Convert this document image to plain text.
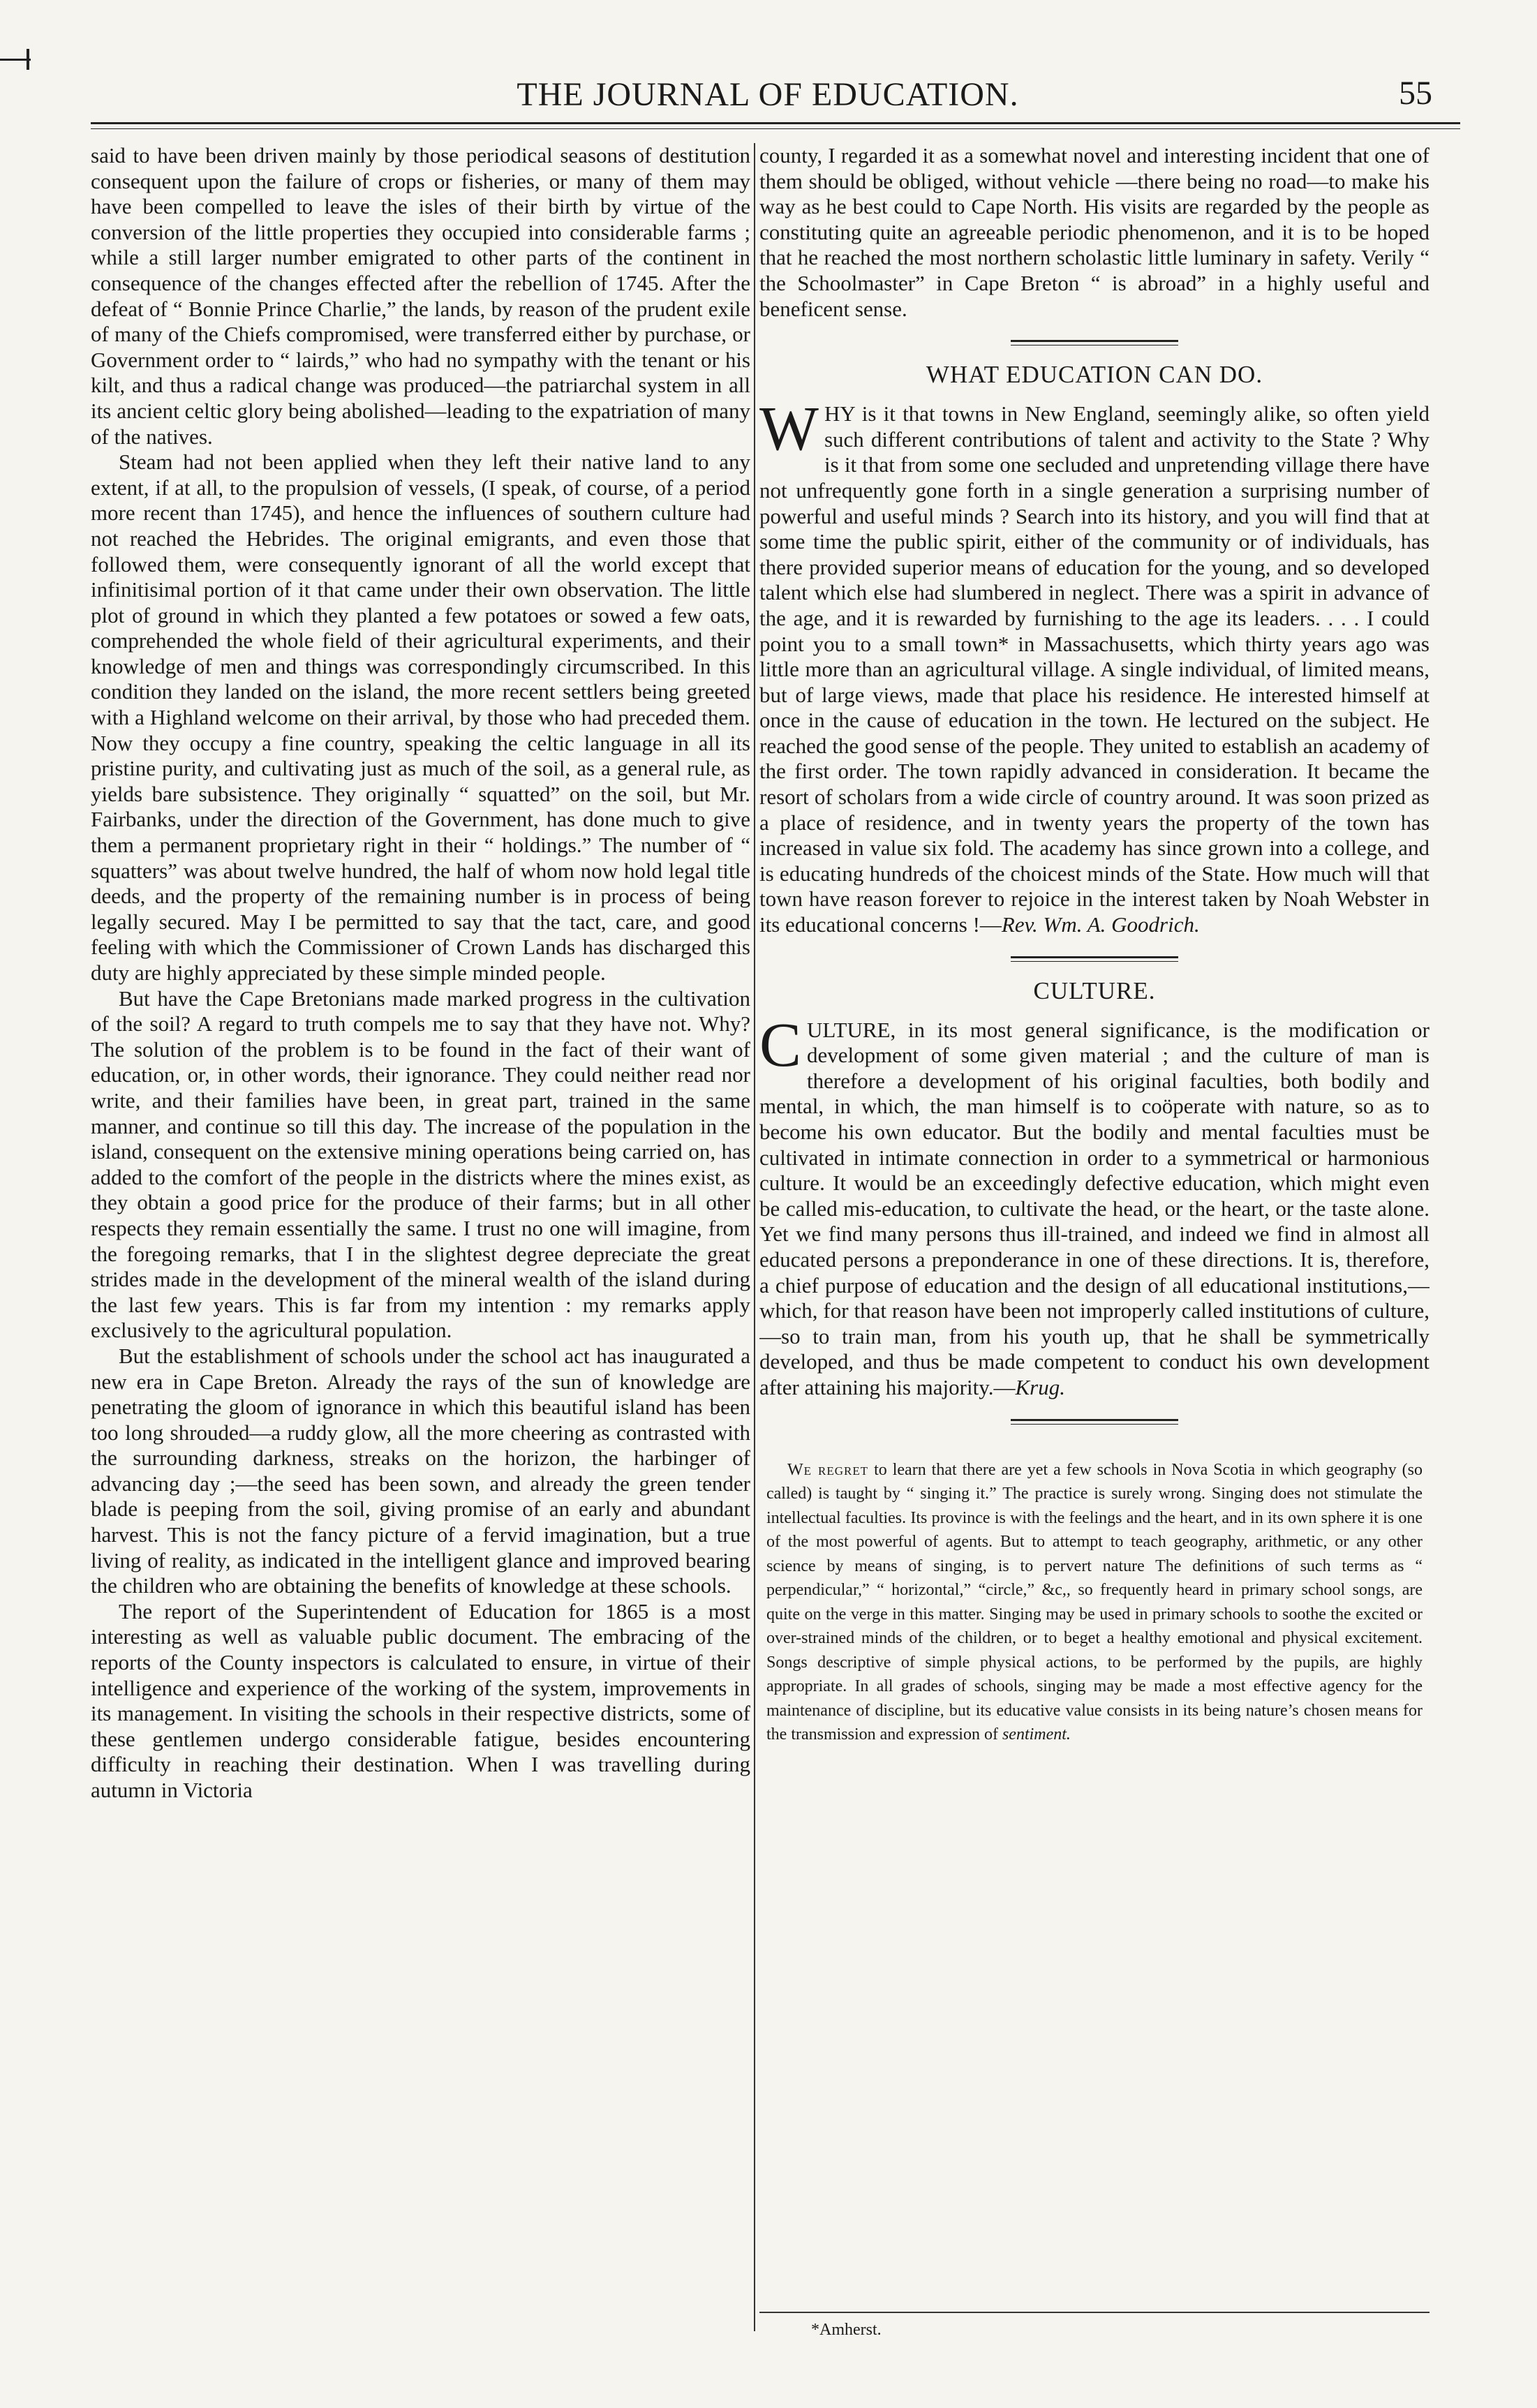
THE JOURNAL OF EDUCATION.	55

said to have been driven mainly by those periodical seasons of destitution consequent upon the failure of crops or fisheries, or many of them may have been compelled to leave the isles of their birth by virtue of the conversion of the little properties they occupied into considerable farms ; while a still larger number emigrated to other parts of the continent in consequence of the changes effected after the rebellion of 1745. After the defeat of “ Bonnie Prince Charlie,” the lands, by reason of the prudent exile of many of the Chiefs compromised, were transferred either by purchase, or Government order to “ lairds,” who had no sympathy with the tenant or his kilt, and thus a radical change was produced—the patriarchal system in all its ancient celtic glory being abolished—leading to the expatriation of many of the natives.

Steam had not been applied when they left their native land to any extent, if at all, to the propulsion of vessels, (I speak, of course, of a period more recent than 1745), and hence the influences of southern culture had not reached the Hebrides. The original emigrants, and even those that followed them, were consequently ignorant of all the world except that infinitisimal portion of it that came under their own observation. The little plot of ground in which they planted a few potatoes or sowed a few oats, comprehended the whole field of their agricultural experiments, and their knowledge of men and things was correspondingly circumscribed. In this condition they landed on the island, the more recent settlers being greeted with a Highland welcome on their arrival, by those who had preceded them. Now they occupy a fine country, speaking the celtic language in all its pristine purity, and cultivating just as much of the soil, as a general rule, as yields bare subsistence. They originally “ squatted” on the soil, but Mr. Fairbanks, under the direction of the Government, has done much to give them a permanent proprietary right in their “ holdings.” The number of “ squatters” was about twelve hundred, the half of whom now hold legal title deeds, and the property of the remaining number is in process of being legally secured. May I be permitted to say that the tact, care, and good feeling with which the Commissioner of Crown Lands has discharged this duty are highly appreciated by these simple minded people.

But have the Cape Bretonians made marked progress in the cultivation of the soil? A regard to truth compels me to say that they have not. Why? The solution of the problem is to be found in the fact of their want of education, or, in other words, their ignorance. They could neither read nor write, and their families have been, in great part, trained in the same manner, and continue so till this day. The increase of the population in the island, consequent on the extensive mining operations being carried on, has added to the comfort of the people in the districts where the mines exist, as they obtain a good price for the produce of their farms; but in all other respects they remain essentially the same. I trust no one will imagine, from the foregoing remarks, that I in the slightest degree depreciate the great strides made in the development of the mineral wealth of the island during the last few years. This is far from my intention : my remarks apply exclusively to the agricultural population.

But the establishment of schools under the school act has inaugurated a new era in Cape Breton. Already the rays of the sun of knowledge are penetrating the gloom of ignorance in which this beautiful island has been too long shrouded—a ruddy glow, all the more cheering as contrasted with the surrounding darkness, streaks on the horizon, the harbinger of advancing day ;—the seed has been sown, and already the green tender blade is peeping from the soil, giving promise of an early and abundant harvest. This is not the fancy picture of a fervid imagination, but a true living of reality, as indicated in the intelligent glance and improved bearing the children who are obtaining the benefits of knowledge at these schools.

The report of the Superintendent of Education for 1865 is a most interesting as well as valuable public document. The embracing of the reports of the County inspectors is calculated to ensure, in virtue of their intelligence and experience of the working of the system, improvements in its management. In visiting the schools in their respective districts, some of these gentlemen undergo considerable fatigue, besides encountering difficulty in reaching their destination. When I was travelling during autumn in Victoria

county, I regarded it as a somewhat novel and interesting incident that one of them should be obliged, without vehicle —there being no road—to make his way as he best could to Cape North. His visits are regarded by the people as constituting quite an agreeable periodic phenomenon, and it is to be hoped that he reached the most northern scholastic little luminary in safety. Verily “ the Schoolmaster” in Cape Breton “ is abroad” in a highly useful and beneficent sense.

WHAT EDUCATION CAN DO.

WHY is it that towns in New England, seemingly alike, so often yield such different contributions of talent and activity to the State ? Why is it that from some one secluded and unpretending village there have not unfrequently gone forth in a single generation a surprising number of powerful and useful minds ? Search into its history, and you will find that at some time the public spirit, either of the community or of individuals, has there provided superior means of education for the young, and so developed talent which else had slumbered in neglect. There was a spirit in advance of the age, and it is rewarded by furnishing to the age its leaders. . . . I could point you to a small town* in Massachusetts, which thirty years ago was little more than an agricultural village. A single individual, of limited means, but of large views, made that place his residence. He interested himself at once in the cause of education in the town. He lectured on the subject. He reached the good sense of the people. They united to establish an academy of the first order. The town rapidly advanced in consideration. It became the resort of scholars from a wide circle of country around. It was soon prized as a place of residence, and in twenty years the property of the town has increased in value six fold. The academy has since grown into a college, and is educating hundreds of the choicest minds of the State. How much will that town have reason forever to rejoice in the interest taken by Noah Webster in its educational concerns !—Rev. Wm. A. Goodrich.

CULTURE.

CULTURE, in its most general significance, is the modification or development of some given material ; and the culture of man is therefore a development of his original faculties, both bodily and mental, in which, the man himself is to coöperate with nature, so as to become his own educator. But the bodily and mental faculties must be cultivated in intimate connection in order to a symmetrical or harmonious culture. It would be an exceedingly defective education, which might even be called mis-education, to cultivate the head, or the heart, or the taste alone. Yet we find many persons thus ill-trained, and indeed we find in almost all educated persons a preponderance in one of these directions. It is, therefore, a chief purpose of education and the design of all educational institutions,—which, for that reason have been not improperly called institutions of culture,—so to train man, from his youth up, that he shall be symmetrically developed, and thus be made competent to conduct his own development after attaining his majority.—Krug.

We regret to learn that there are yet a few schools in Nova Scotia in which geography (so called) is taught by “ singing it.” The practice is surely wrong. Singing does not stimulate the intellectual faculties. Its province is with the feelings and the heart, and in its own sphere it is one of the most powerful of agents. But to attempt to teach geography, arithmetic, or any other science by means of singing, is to pervert nature The definitions of such terms as “ perpendicular,” “ horizontal,” “circle,” &c,, so frequently heard in primary school songs, are quite on the verge in this matter. Singing may be used in primary schools to soothe the excited or over-strained minds of the children, or to beget a healthy emotional and physical excitement. Songs descriptive of simple physical actions, to be performed by the pupils, are highly appropriate. In all grades of schools, singing may be made a most effective agency for the maintenance of discipline, but its educative value consists in its being nature’s chosen means for the transmission and expression of sentiment.

*Amherst.
